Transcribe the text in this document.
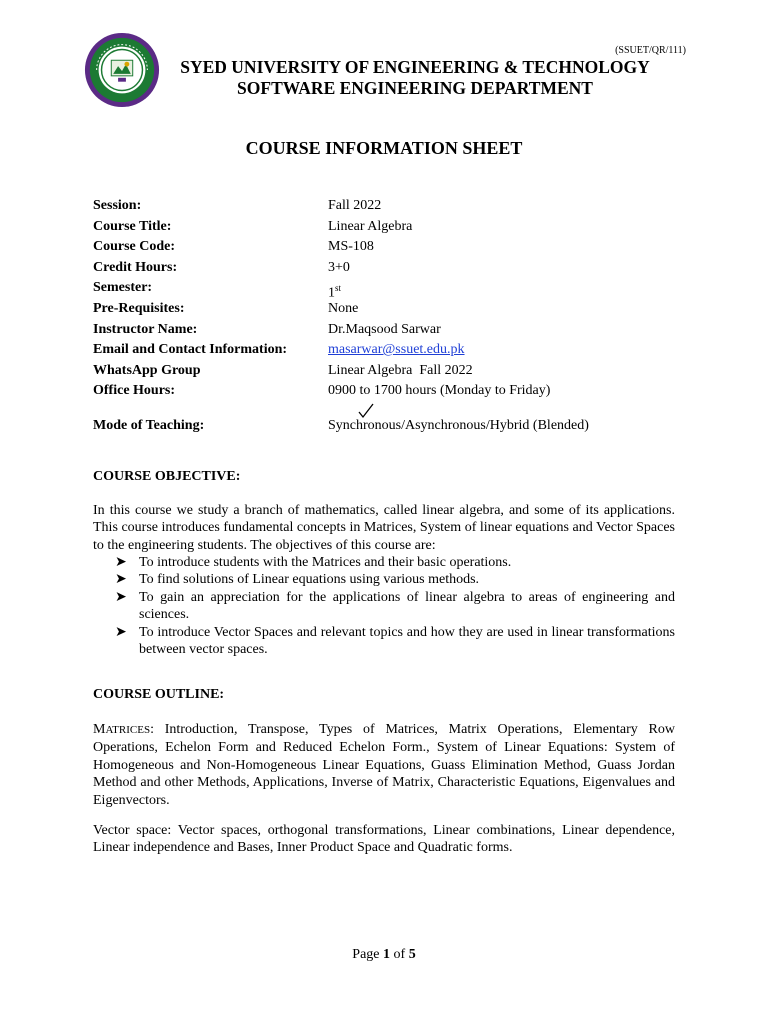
(SSUET/QR/111)
SYED UNIVERSITY OF ENGINEERING & TECHNOLOGY
SOFTWARE ENGINEERING DEPARTMENT
COURSE INFORMATION SHEET
Session:	Fall 2022
Course Title:	Linear Algebra
Course Code:	MS-108
Credit Hours:	3+0
Semester:	1st
Pre-Requisites:	None
Instructor Name:	Dr.Maqsood Sarwar
Email and Contact Information:	masarwar@ssuet.edu.pk
WhatsApp Group	Linear Algebra  Fall 2022
Office Hours:	0900 to 1700 hours (Monday to Friday)
Mode of Teaching:	Synchronous/Asynchronous/Hybrid (Blended)
COURSE OBJECTIVE:
In this course we study a branch of mathematics, called linear algebra, and some of its applications. This course introduces fundamental concepts in Matrices, System of linear equations and Vector Spaces to the engineering students. The objectives of this course are:
➤ To introduce students with the Matrices and their basic operations.
➤ To find solutions of Linear equations using various methods.
➤ To gain an appreciation for the applications of linear algebra to areas of engineering and sciences.
➤ To introduce Vector Spaces and relevant topics and how they are used in linear transformations between vector spaces.
COURSE OUTLINE:
MATRICES: Introduction, Transpose, Types of Matrices, Matrix Operations, Elementary Row Operations, Echelon Form and Reduced Echelon Form., System of Linear Equations: System of Homogeneous and Non-Homogeneous Linear Equations, Guass Elimination Method, Guass Jordan Method and other Methods, Applications, Inverse of Matrix, Characteristic Equations, Eigenvalues and Eigenvectors.
Vector space: Vector spaces, orthogonal transformations, Linear combinations, Linear dependence, Linear independence and Bases, Inner Product Space and Quadratic forms.
Page 1 of 5
